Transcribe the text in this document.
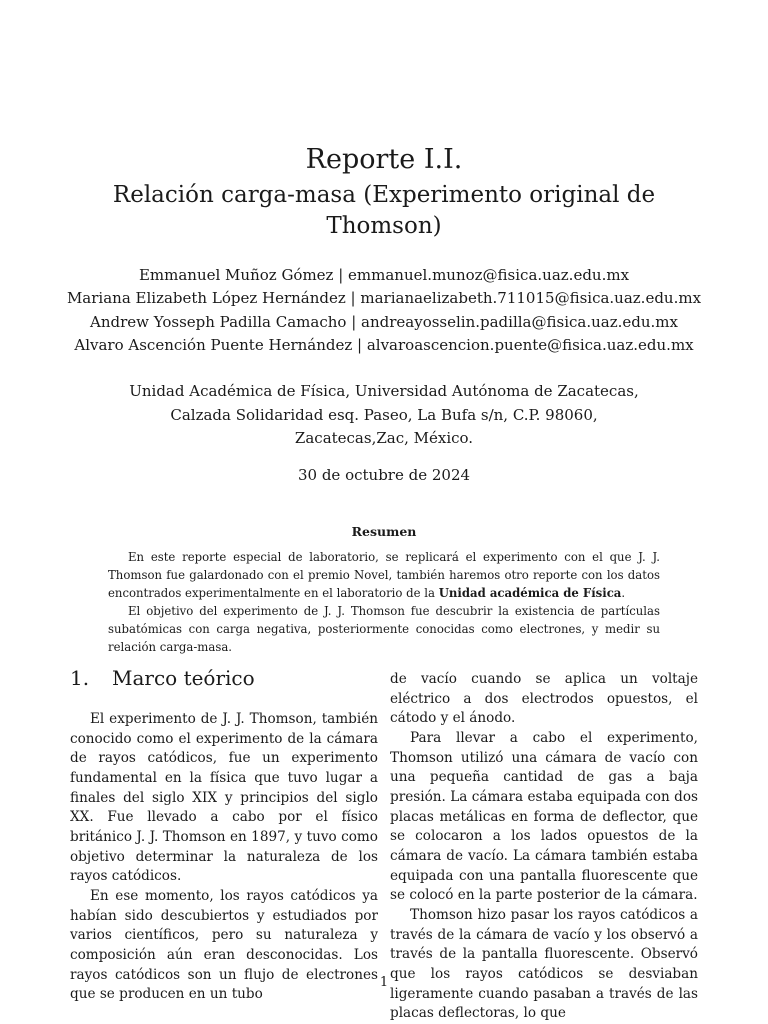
Reporte I.I.
Relación carga-masa (Experimento original de Thomson)
Emmanuel Muñoz Gómez | emmanuel.munoz@fisica.uaz.edu.mx
Mariana Elizabeth López Hernández | marianaelizabeth.711015@fisica.uaz.edu.mx
Andrew Yosseph Padilla Camacho | andreayosselin.padilla@fisica.uaz.edu.mx
Alvaro Ascención Puente Hernández | alvaroascencion.puente@fisica.uaz.edu.mx
Unidad Académica de Física, Universidad Autónoma de Zacatecas,
Calzada Solidaridad esq. Paseo, La Bufa s/n, C.P. 98060,
Zacatecas,Zac, México.
30 de octubre de 2024
Resumen

En este reporte especial de laboratorio, se replicará el experimento con el que J. J. Thomson fue galardonado con el premio Novel, también haremos otro reporte con los datos encontrados experimentalmente en el laboratorio de la Unidad académica de Física.

El objetivo del experimento de J. J. Thomson fue descubrir la existencia de partículas subatómicas con carga negativa, posteriormente conocidas como electrones, y medir su relación carga-masa.

1. Marco teórico

El experimento de J. J. Thomson, también conocido como el experimento de la cámara de rayos catódicos, fue un experimento fundamental en la física que tuvo lugar a finales del siglo XIX y principios del siglo XX. Fue llevado a cabo por el físico británico J. J. Thomson en 1897, y tuvo como objetivo determinar la naturaleza de los rayos catódicos.

En ese momento, los rayos catódicos ya habían sido descubiertos y estudiados por varios científicos, pero su naturaleza y composición aún eran desconocidas. Los rayos catódicos son un flujo de electrones que se producen en un tubo

de vacío cuando se aplica un voltaje eléctrico a dos electrodos opuestos, el cátodo y el ánodo.

Para llevar a cabo el experimento, Thomson utilizó una cámara de vacío con una pequeña cantidad de gas a baja presión. La cámara estaba equipada con dos placas metálicas en forma de deflector, que se colocaron a los lados opuestos de la cámara de vacío. La cámara también estaba equipada con una pantalla fluorescente que se colocó en la parte posterior de la cámara.

Thomson hizo pasar los rayos catódicos a través de la cámara de vacío y los observó a través de la pantalla fluorescente. Observó que los rayos catódicos se desviaban ligeramente cuando pasaban a través de las placas deflectoras, lo que

1
